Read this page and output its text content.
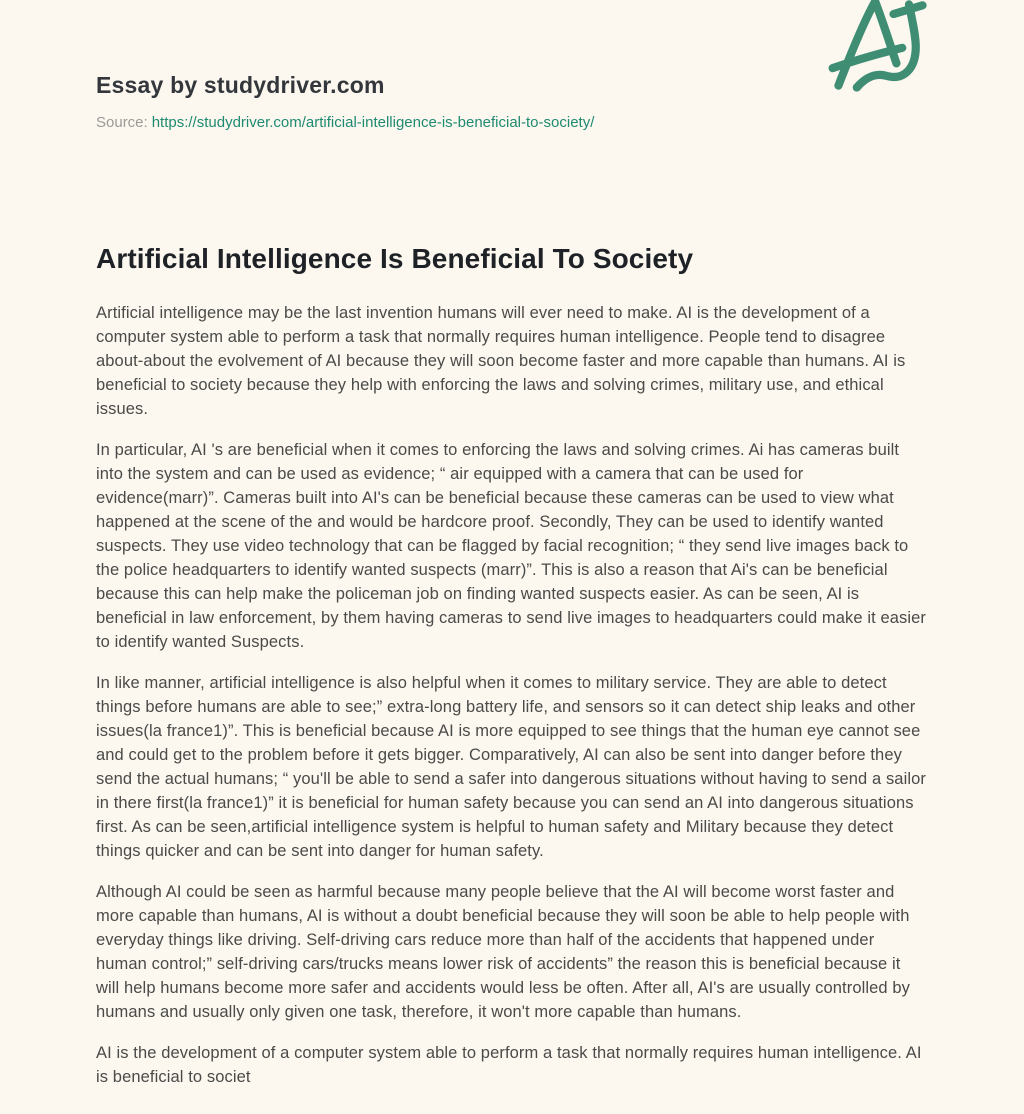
Essay by studydriver.com
Source: https://studydriver.com/artificial-intelligence-is-beneficial-to-society/
Artificial Intelligence Is Beneficial To Society

Artificial intelligence may be the last invention humans will ever need to make. AI is the development of a computer system able to perform a task that normally requires human intelligence. People tend to disagree about-about the evolvement of AI because they will soon become faster and more capable than humans. AI is beneficial to society because they help with enforcing the laws and solving crimes, military use, and ethical issues.

In particular, AI 's are beneficial when it comes to enforcing the laws and solving crimes. Ai has cameras built into the system and can be used as evidence; “ air equipped with a camera that can be used for evidence(marr)”. Cameras built into AI's can be beneficial because these cameras can be used to view what happened at the scene of the and would be hardcore proof. Secondly, They can be used to identify wanted suspects. They use video technology that can be flagged by facial recognition; “ they send live images back to the police headquarters to identify wanted suspects (marr)”. This is also a reason that Ai's can be beneficial because this can help make the policeman job on finding wanted suspects easier. As can be seen, AI is beneficial in law enforcement, by them having cameras to send live images to headquarters could make it easier to identify wanted Suspects.

In like manner, artificial intelligence is also helpful when it comes to military service. They are able to detect things before humans are able to see;” extra-long battery life, and sensors so it can detect ship leaks and other issues(la france1)”. This is beneficial because AI is more equipped to see things that the human eye cannot see and could get to the problem before it gets bigger. Comparatively, AI can also be sent into danger before they send the actual humans; “ you'll be able to send a safer into dangerous situations without having to send a sailor in there first(la france1)” it is beneficial for human safety because you can send an AI into dangerous situations first. As can be seen,artificial intelligence system is helpful to human safety and Military because they detect things quicker and can be sent into danger for human safety.

Although AI could be seen as harmful because many people believe that the AI will become worst faster and more capable than humans, AI is without a doubt beneficial because they will soon be able to help people with everyday things like driving. Self-driving cars reduce more than half of the accidents that happened under human control;” self-driving cars/trucks means lower risk of accidents” the reason this is beneficial because it will help humans become more safer and accidents would less be often. After all, AI's are usually controlled by humans and usually only given one task, therefore, it won't more capable than humans.

AI is the development of a computer system able to perform a task that normally requires human intelligence. AI is beneficial to societ
